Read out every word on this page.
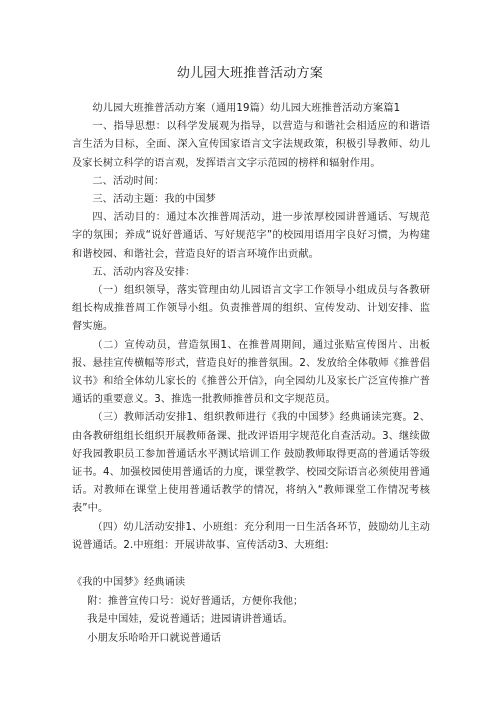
幼儿园大班推普活动方案

幼儿园大班推普活动方案（通用19篇）幼儿园大班推普活动方案篇1

一、指导思想：以科学发展观为指导，以营造与和谐社会相适应的和谐语言生活为目标，全面、深入宣传国家语言文字法规政策，积极引导教师、幼儿及家长树立科学的语言观，发挥语言文字示范园的榜样和辐射作用。

二、活动时间：

三、活动主题：我的中国梦

四、活动目的：通过本次推普周活动，进一步浓厚校园讲普通话、写规范字的氛围；养成“说好普通话、写好规范字”的校园用语用字良好习惯，为构建和谐校园、和谐社会，营造良好的语言环境作出贡献。

五、活动内容及安排：

（一）组织领导，落实管理由幼儿园语言文字工作领导小组成员与各教研组长构成推普周工作领导小组。负责推普周的组织、宣传发动、计划安排、监督实施。

（二）宣传动员，营造氛围1、在推普周期间，通过张贴宣传图片、出板报、悬挂宣传横幅等形式，营造良好的推普氛围。2、发放给全体敬师《推普倡议书》和给全体幼儿家长的《推普公开信》，向全园幼儿及家长广泛宣传推广普通话的重要意义。3、推选一批教师推普员和文字规范员。

（三）教师活动安排1、组织教师进行《我的中国梦》经典诵读完赛。2、由各教研组组长组织开展教师备课、批改评语用字规范化自查活动。3、继续做好我园教职员工参加普通话水平测试培训工作 鼓励教师取得更高的普通话等级证书。4、加强校园使用普通话的力度，课堂教学、校园交际语言必须使用普通话。对教师在课堂上使用普通话教学的情况，将纳入“教师课堂工作情况考核表”中。

（四）幼儿活动安排1、小班组：充分利用一日生活各环节，鼓励幼儿主动说普通话。2.中班组：开展讲故事、宣传活动3、大班组:

《我的中国梦》经典诵读

附：推普宣传口号：说好普通话，方便你我他；

我是中国娃，爱说普通话；进园请讲普通话。

小朋友乐哈哈开口就说普通话
